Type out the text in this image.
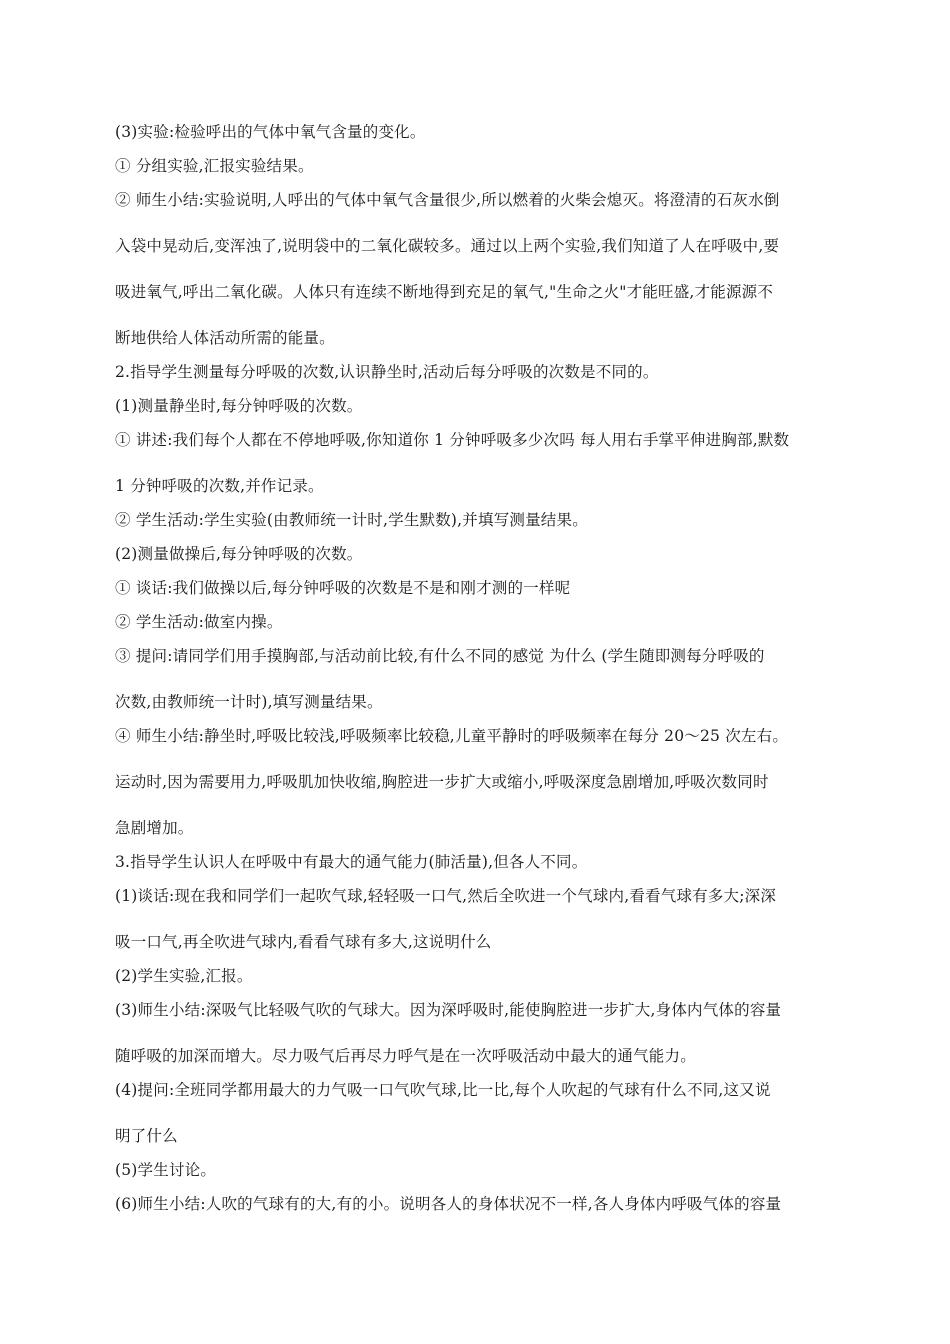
(3)实验:检验呼出的气体中氧气含量的变化。
① 分组实验,汇报实验结果。
② 师生小结:实验说明,人呼出的气体中氧气含量很少,所以燃着的火柴会熄灭。将澄清的石灰水倒
入袋中晃动后,变浑浊了,说明袋中的二氧化碳较多。通过以上两个实验,我们知道了人在呼吸中,要
吸进氧气,呼出二氧化碳。人体只有连续不断地得到充足的氧气,"生命之火"才能旺盛,才能源源不
断地供给人体活动所需的能量。
2.指导学生测量每分呼吸的次数,认识静坐时,活动后每分呼吸的次数是不同的。
(1)测量静坐时,每分钟呼吸的次数。
① 讲述:我们每个人都在不停地呼吸,你知道你 1 分钟呼吸多少次吗 每人用右手掌平伸进胸部,默数
1 分钟呼吸的次数,并作记录。
② 学生活动:学生实验(由教师统一计时,学生默数),并填写测量结果。
(2)测量做操后,每分钟呼吸的次数。
① 谈话:我们做操以后,每分钟呼吸的次数是不是和刚才测的一样呢
② 学生活动:做室内操。
③ 提问:请同学们用手摸胸部,与活动前比较,有什么不同的感觉 为什么 (学生随即测每分呼吸的
次数,由教师统一计时),填写测量结果。
④ 师生小结:静坐时,呼吸比较浅,呼吸频率比较稳,儿童平静时的呼吸频率在每分 20～25 次左右。
运动时,因为需要用力,呼吸肌加快收缩,胸腔进一步扩大或缩小,呼吸深度急剧增加,呼吸次数同时
急剧增加。
3.指导学生认识人在呼吸中有最大的通气能力(肺活量),但各人不同。
(1)谈话:现在我和同学们一起吹气球,轻轻吸一口气,然后全吹进一个气球内,看看气球有多大;深深
吸一口气,再全吹进气球内,看看气球有多大,这说明什么
(2)学生实验,汇报。
(3)师生小结:深吸气比轻吸气吹的气球大。因为深呼吸时,能使胸腔进一步扩大,身体内气体的容量
随呼吸的加深而增大。尽力吸气后再尽力呼气是在一次呼吸活动中最大的通气能力。
(4)提问:全班同学都用最大的力气吸一口气吹气球,比一比,每个人吹起的气球有什么不同,这又说
明了什么
(5)学生讨论。
(6)师生小结:人吹的气球有的大,有的小。说明各人的身体状况不一样,各人身体内呼吸气体的容量
